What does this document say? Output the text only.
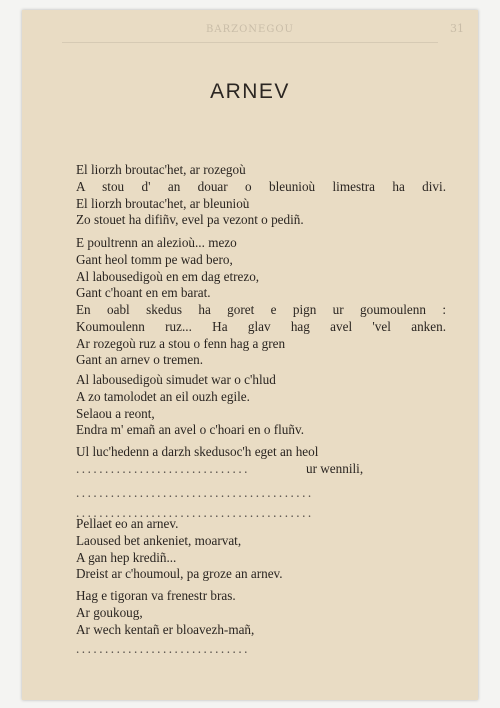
BARZONEGOU	31
ARNEV

El liorzh broutac'het, ar rozegoù
A stou d' an douar o bleunioù limestra ha divi.
El liorzh broutac'het, ar bleunioù
Zo stouet ha difiñv, evel pa vezont o pediñ.

E poultrenn an alezioù... mezo
Gant heol tomm pe wad bero,
Al labousedigoù en em dag etrezo,
Gant c'hoant en em barat.

En oabl skedus ha goret e pign ur goumoulenn :
Koumoulenn ruz... Ha glav hag avel 'vel anken.
Ar rozegoù ruz a stou o fenn hag a gren
Gant an arnev o tremen.

Al labousedigoù simudet war o c'hlud
A zo tamolodet an eil ouzh egile.
Selaou a reont,
Endra m' emañ an avel o c'hoari en o fluñv.

Ul luc'hedenn a darzh skedusoc'h eget an heol
..............................	ur wennili,
.........................................
.........................................

Pellaet eo an arnev.
Laoused bet ankeniet, moarvat,
A gan hep krediñ...
Dreist ar c'houmoul, pa groze an arnev.

Hag e tigoran va frenestr bras.
Ar goukoug,
Ar wech kentañ er bloavezh-mañ,
..............................
